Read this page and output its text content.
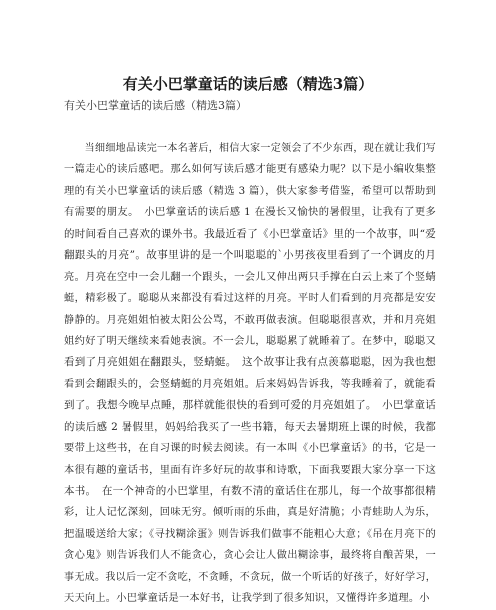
有关小巴掌童话的读后感（精选3篇）

有关小巴掌童话的读后感（精选3篇）

　　当细细地品读完一本名著后，相信大家一定领会了不少东西，现在就让我们写
一篇走心的读后感吧。那么如何写读后感才能更有感染力呢？以下是小编收集整
理的有关小巴掌童话的读后感（精选 3 篇），供大家参考借鉴，希望可以帮助到
有需要的朋友。　小巴掌童话的读后感 1 在漫长又愉快的暑假里，让我有了更多
的时间看自己喜欢的课外书。我最近看了《小巴掌童话》里的一个故事，叫“爱
翻跟头的月亮”。故事里讲的是一个叫聪聪的`小男孩夜里看到了一个调皮的月
亮。月亮在空中一会儿翻一个跟头，一会儿又伸出两只手撑在白云上来了个竖蜻
蜓，精彩极了。聪聪从来都没有看过这样的月亮。平时人们看到的月亮都是安安
静静的。月亮姐姐怕被太阳公公骂，不敢再做表演。但聪聪很喜欢，并和月亮姐
姐约好了明天继续来看她表演。不一会儿，聪聪累了就睡着了。在梦中，聪聪又
看到了月亮姐姐在翻跟头，竖蜻蜓。　这个故事让我有点羡慕聪聪，因为我也想
看到会翻跟头的，会竖蜻蜓的月亮姐姐。后来妈妈告诉我，等我睡着了，就能看
到了。我想今晚早点睡，那样就能很快的看到可爱的月亮姐姐了。　小巴掌童话
的读后感 2 暑假里，妈妈给我买了一些书籍，每天去暑期班上课的时候，我都
要带上这些书，在自习课的时候去阅读。有一本叫《小巴掌童话》的书，它是一
本很有趣的童话书，里面有许多好玩的故事和诗歌，下面我要跟大家分享一下这
本书。　在一个神奇的小巴掌里，有数不清的童话住在那儿，每一个故事都很精
彩，让人记忆深刻，回味无穷。倾听雨的乐曲，真是好清脆；小青蛙助人为乐，
把温暖送给大家；《寻找糊涂蛋》则告诉我们做事不能粗心大意；《吊在月亮下的
贪心鬼》则告诉我们人不能贪心，贪心会让人做出糊涂事，最终将自酿苦果，一
事无成。我以后一定不贪吃，不贪睡，不贪玩，做一个听话的好孩子，好好学习，
天天向上。小巴掌童话是一本好书，让我学到了很多知识，又懂得许多道理。小
